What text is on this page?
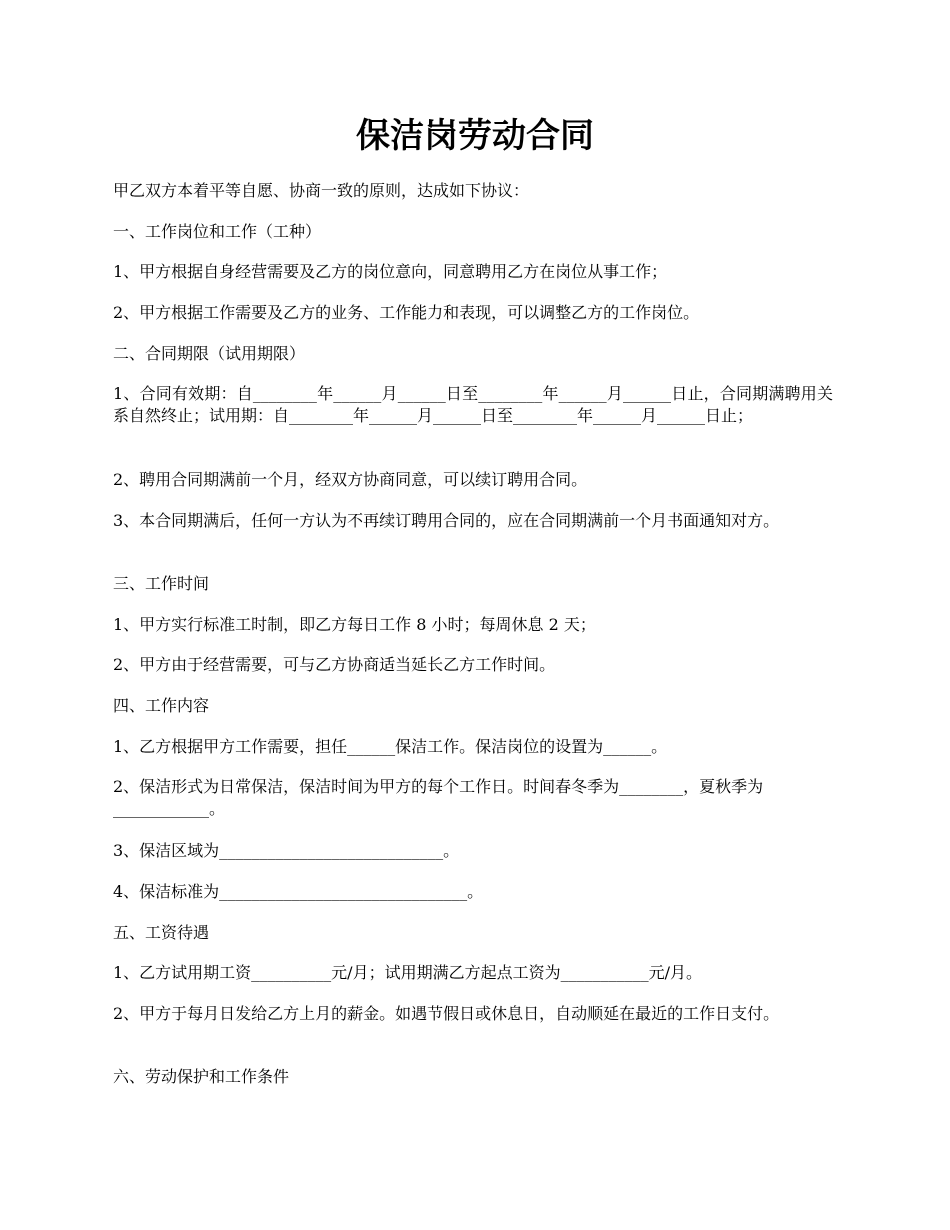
保洁岗劳动合同

甲乙双方本着平等自愿、协商一致的原则，达成如下协议：

一、工作岗位和工作（工种）

1、甲方根据自身经营需要及乙方的岗位意向，同意聘用乙方在岗位从事工作；

2、甲方根据工作需要及乙方的业务、工作能力和表现，可以调整乙方的工作岗位。

二、合同期限（试用期限）

1、合同有效期：自________年______月______日至________年______月______日止，合同期满聘用关系自然终止；试用期：自________年______月______日至________年______月______日止；

2、聘用合同期满前一个月，经双方协商同意，可以续订聘用合同。

3、本合同期满后，任何一方认为不再续订聘用合同的，应在合同期满前一个月书面通知对方。

三、工作时间

1、甲方实行标准工时制，即乙方每日工作 8 小时；每周休息 2 天；

2、甲方由于经营需要，可与乙方协商适当延长乙方工作时间。

四、工作内容

1、乙方根据甲方工作需要，担任______保洁工作。保洁岗位的设置为______。

2、保洁形式为日常保洁，保洁时间为甲方的每个工作日。时间春冬季为________，夏秋季为____________。

3、保洁区域为____________________________。

4、保洁标准为_______________________________。

五、工资待遇

1、乙方试用期工资__________元/月；试用期满乙方起点工资为___________元/月。

2、甲方于每月日发给乙方上月的薪金。如遇节假日或休息日，自动顺延在最近的工作日支付。

六、劳动保护和工作条件
